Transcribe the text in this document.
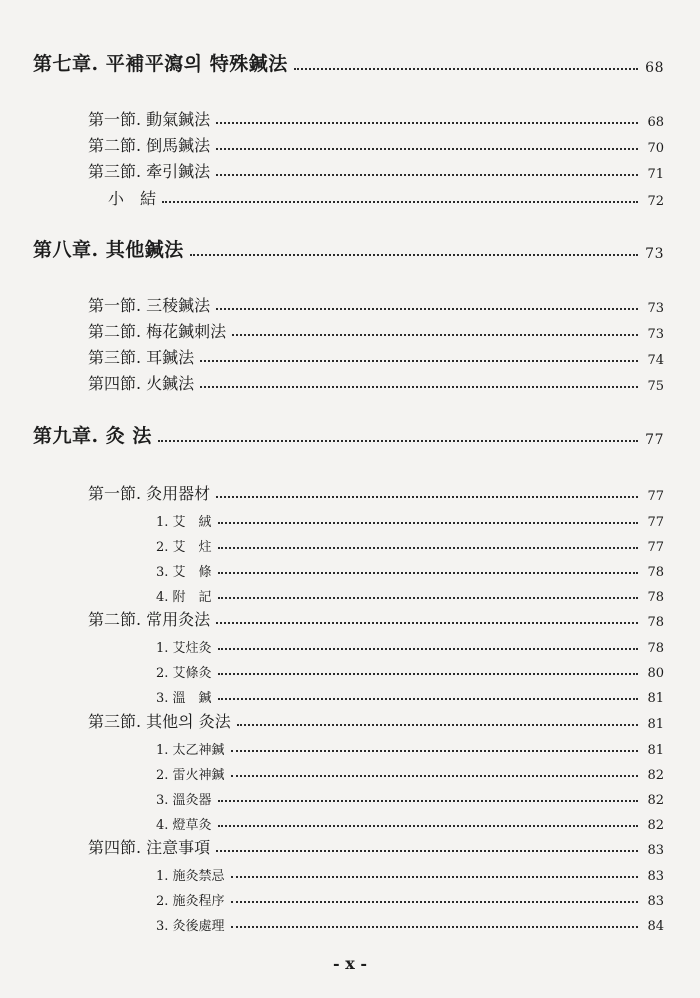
第七章. 平補平瀉의 特殊鍼法	68
第一節. 動氣鍼法	68
第二節. 倒馬鍼法	70
第三節. 牽引鍼法	71
小　結	72
第八章. 其他鍼法	73
第一節. 三稜鍼法	73
第二節. 梅花鍼刺法	73
第三節. 耳鍼法	74
第四節. 火鍼法	75
第九章. 灸 法	77
第一節. 灸用器材	77
1. 艾　絨	77
2. 艾　炷	77
3. 艾　條	78
4. 附　記	78
第二節. 常用灸法	78
1. 艾炷灸	78
2. 艾條灸	80
3. 溫　鍼	81
第三節. 其他의 灸法	81
1. 太乙神鍼	81
2. 雷火神鍼	82
3. 溫灸器	82
4. 燈草灸	82
第四節. 注意事項	83
1. 施灸禁忌	83
2. 施灸程序	83
3. 灸後處理	84
- x -
